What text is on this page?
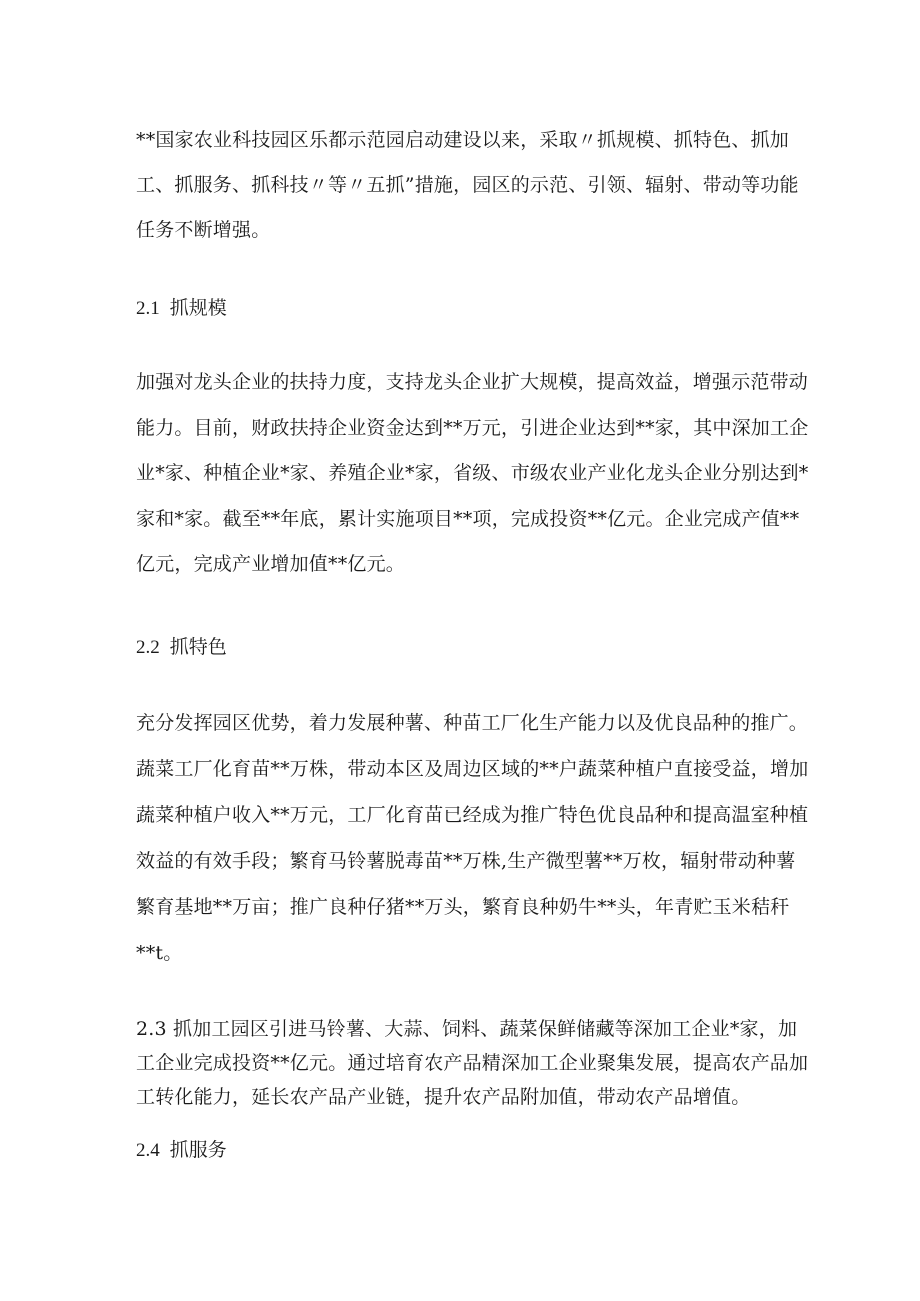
**国家农业科技园区乐都示范园启动建设以来，采取〃抓规模、抓特色、抓加
工、抓服务、抓科技〃等〃五抓”措施，园区的示范、引领、辐射、带动等功能
任务不断增强。

2.1 抓规模

加强对龙头企业的扶持力度，支持龙头企业扩大规模，提高效益，增强示范带动
能力。目前，财政扶持企业资金达到**万元，引进企业达到**家，其中深加工企
业*家、种植企业*家、养殖企业*家，省级、市级农业产业化龙头企业分别达到*
家和*家。截至**年底，累计实施项目**项，完成投资**亿元。企业完成产值**
亿元，完成产业增加值**亿元。

2.2 抓特色

充分发挥园区优势，着力发展种薯、种苗工厂化生产能力以及优良品种的推广。
蔬菜工厂化育苗**万株，带动本区及周边区域的**户蔬菜种植户直接受益，增加
蔬菜种植户收入**万元，工厂化育苗已经成为推广特色优良品种和提高温室种植
效益的有效手段；繁育马铃薯脱毒苗**万株,生产微型薯**万枚，辐射带动种薯
繁育基地**万亩；推广良种仔猪**万头，繁育良种奶牛**头，年青贮玉米秸秆
**t。

2.3 抓加工园区引进马铃薯、大蒜、饲料、蔬菜保鲜储藏等深加工企业*家，加
工企业完成投资**亿元。通过培育农产品精深加工企业聚集发展，提高农产品加
工转化能力，延长农产品产业链，提升农产品附加值，带动农产品增值。

2.4 抓服务
